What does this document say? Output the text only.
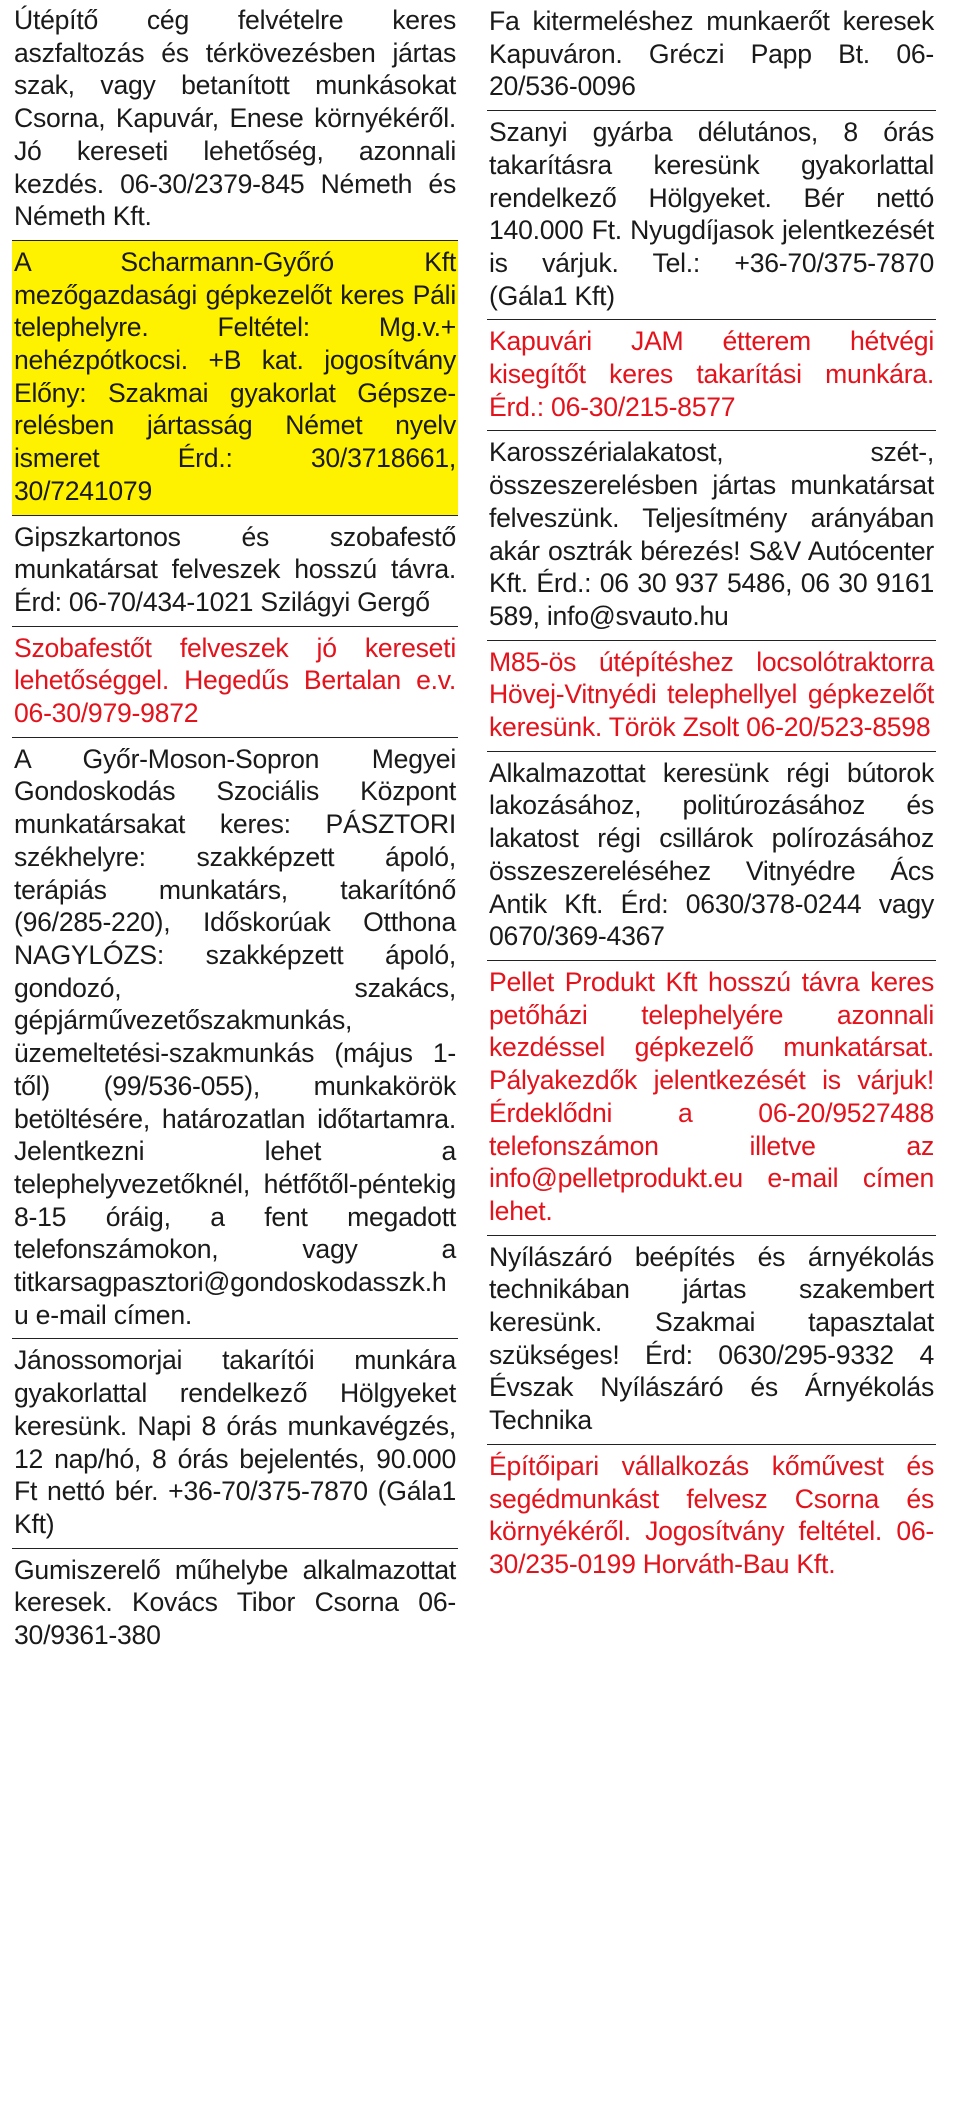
Útépítő cég felvételre keres aszfaltozás és térkövezésben jártas szak, vagy betanított munkásokat Csorna, Kapuvár, Enese környékéről. Jó kereseti lehetőség, azonnali kezdés. 06-30/2379-845 Németh és Németh Kft.
A Scharmann-Győró Kft mezőgazdasági gépkezelőt keres Páli telephelyre. Feltétel: Mg.v.+ nehézpótkocsi. +B kat. jogosítvány Előny: Szakmai gyakorlat Gépsze-relésben jártasság Német nyelv ismeret Érd.: 30/3718661, 30/7241079
Gipszkartonos és szobafestő munkatársat felveszek hosszú távra. Érd: 06-70/434-1021 Szilágyi Gergő
Szobafestőt felveszek jó kereseti lehetőséggel. Hegedűs Bertalan e.v. 06-30/979-9872
A Győr-Moson-Sopron Megyei Gondoskodás Szociális Központ munkatársakat keres: PÁSZTORI székhelyre: szakképzett ápoló, terápiás munkatárs, takarítónő (96/285-220), Időskorúak Otthona NAGYLÓZS: szakképzett ápoló, gondozó, szakács, gépjárművezetőszakmunkás, üzemeltetési-szakmunkás (május 1-től) (99/536-055), munkakörök betöltésére, határozatlan időtartamra. Jelentkezni lehet a telephelyvezetőknél, hétfőtől-péntekig 8-15 óráig, a fent megadott telefonszámokon, vagy a titkarsagpasztori@gondoskodasszk.hu e-mail címen.
Jánossomorjai takarítói munkára gyakorlattal rendelkező Hölgyeket keresünk. Napi 8 órás munkavégzés, 12 nap/hó, 8 órás bejelentés, 90.000 Ft nettó bér. +36-70/375-7870 (Gála1 Kft)
Gumiszerelő műhelybe alkalmazottat keresek. Kovács Tibor Csorna 06-30/9361-380
Fa kitermeléshez munkaerőt keresek Kapuváron. Gréczi Papp Bt. 06-20/536-0096
Szanyi gyárba délutános, 8 órás takarításra keresünk gyakorlattal rendelkező Hölgyeket. Bér nettó 140.000 Ft. Nyugdíjasok jelentkezését is várjuk. Tel.: +36-70/375-7870 (Gála1 Kft)
Kapuvári JAM étterem hétvégi kisegítőt keres takarítási munkára. Érd.: 06-30/215-8577
Karosszérialakatost, szét-, összeszerelésben jártas munkatársat felveszünk. Teljesítmény arányában akár osztrák bérezés! S&V Autócenter Kft. Érd.: 06 30 937 5486, 06 30 9161 589, info@svauto.hu
M85-ös útépítéshez locsolótraktorra Hövej-Vitnyédi telephellyel gépkezelőt keresünk. Török Zsolt 06-20/523-8598
Alkalmazottat keresünk régi bútorok lakozásához, politúrozásához és lakatost régi csillárok polírozásához összeszereléséhez Vitnyédre Ács Antik Kft. Érd: 0630/378-0244 vagy 0670/369-4367
Pellet Produkt Kft hosszú távra keres petőházi telephelyére azonnali kezdéssel gépkezelő munkatársat. Pályakezdők jelentkezését is várjuk! Érdeklődni a 06-20/9527488 telefonszámon illetve az info@pelletprodukt.eu e-mail címen lehet.
Nyílászáró beépítés és árnyékolás technikában jártas szakembert keresünk. Szakmai tapasztalat szükséges! Érd: 0630/295-9332 4 Évszak Nyílászáró és Árnyékolás Technika
Építőipari vállalkozás kőművest és segédmunkást felvesz Csorna és környékéről. Jogosítvány feltétel. 06-30/235-0199 Horváth-Bau Kft.
